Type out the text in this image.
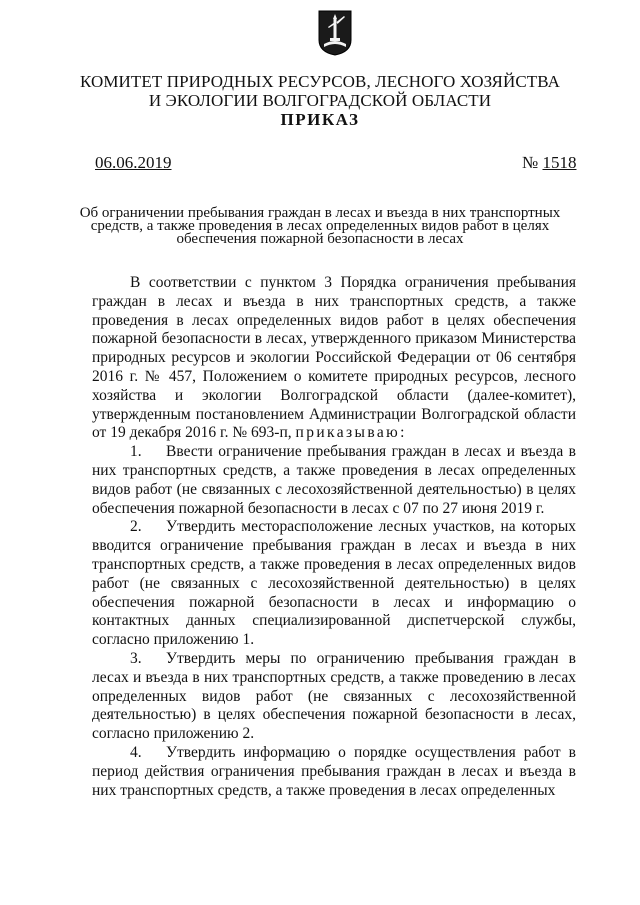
КОМИТЕТ ПРИРОДНЫХ РЕСУРСОВ, ЛЕСНОГО ХОЗЯЙСТВА
И ЭКОЛОГИИ ВОЛГОГРАДСКОЙ ОБЛАСТИ
ПРИКАЗ
06.06.2019	№ 1518
Об ограничении пребывания граждан в лесах и въезда в них транспортных
средств, а также проведения в лесах определенных видов работ в целях
обеспечения пожарной безопасности в лесах

В соответствии с пунктом 3 Порядка ограничения пребывания граждан в лесах и въезда в них транспортных средств, а также проведения в лесах определенных видов работ в целях обеспечения пожарной безопасности в лесах, утвержденного приказом Министерства природных ресурсов и экологии Российской Федерации от 06 сентября 2016 г. № 457, Положением о комитете природных ресурсов, лесного хозяйства и экологии Волгоградской области (далее-комитет), утвержденным постановлением Администрации Волгоградской области от 19 декабря 2016 г. № 693-п, приказываю:

1. Ввести ограничение пребывания граждан в лесах и въезда в них транспортных средств, а также проведения в лесах определенных видов работ (не связанных с лесохозяйственной деятельностью) в целях обеспечения пожарной безопасности в лесах с 07 по 27 июня 2019 г.

2. Утвердить месторасположение лесных участков, на которых вводится ограничение пребывания граждан в лесах и въезда в них транспортных средств, а также проведения в лесах определенных видов работ (не связанных с лесохозяйственной деятельностью) в целях обеспечения пожарной безопасности в лесах и информацию о контактных данных специализированной диспетчерской службы, согласно приложению 1.

3. Утвердить меры по ограничению пребывания граждан в лесах и въезда в них транспортных средств, а также проведению в лесах определенных видов работ (не связанных с лесохозяйственной деятельностью) в целях обеспечения пожарной безопасности в лесах, согласно приложению 2.

4. Утвердить информацию о порядке осуществления работ в период действия ограничения пребывания граждан в лесах и въезда в них транспортных средств, а также проведения в лесах определенных
